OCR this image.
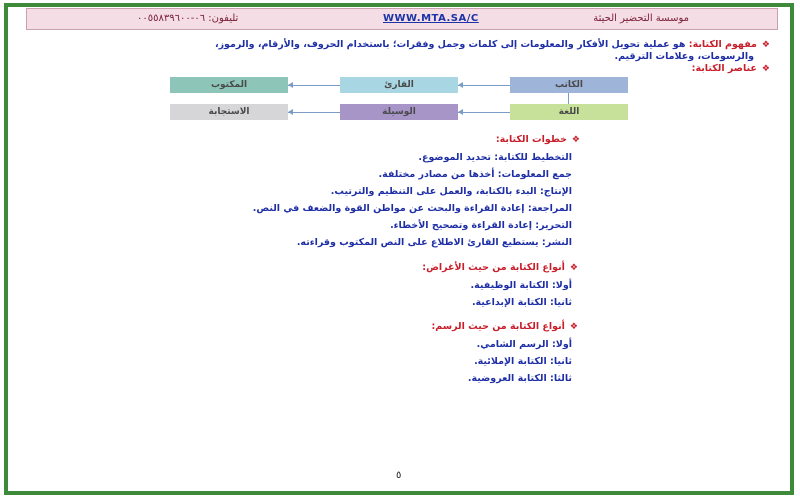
تليفون: ٠٦-٠٠٥٥٨٣٩٦٠٠	WWW.MTA.SA/C	موسسة التحضير الحيثة
❖مفهوم الكتابة: هو عملية تحويل الأفكار والمعلومات إلى كلمات وجمل وفقرات؛ باستخدام الحروف، والأرقام، والرموز،
والرسومات، وعلامات الترقيم.
❖عناصر الكتابة:
الكاتب
القارئ
المكتوب
اللغة
الوسيلة
الاستجابة
❖خطوات الكتابة:
التخطيط للكتابة: تحديد الموضوع.
جمع المعلومات: أخذها من مصادر مختلفة.
الإنتاج: البدء بالكتابة، والعمل على التنظيم والترتيب.
المراجعة: إعادة القراءة والبحث عن مواطن القوة والضعف في النص.
التحرير: إعادة القراءة وتصحيح الأخطاء.
النشر: يستطيع القارئ الاطلاع على النص المكتوب وقراءته.
❖أنواع الكتابة من حيث الأغراض:
أولا: الكتابة الوظيفية.
ثانيا: الكتابة الإبداعية.
❖أنواع الكتابة من حيث الرسم:
أولا: الرسم الشامي.
ثانيا: الكتابة الإملائية.
ثالثا: الكتابة العروضية.
٥
